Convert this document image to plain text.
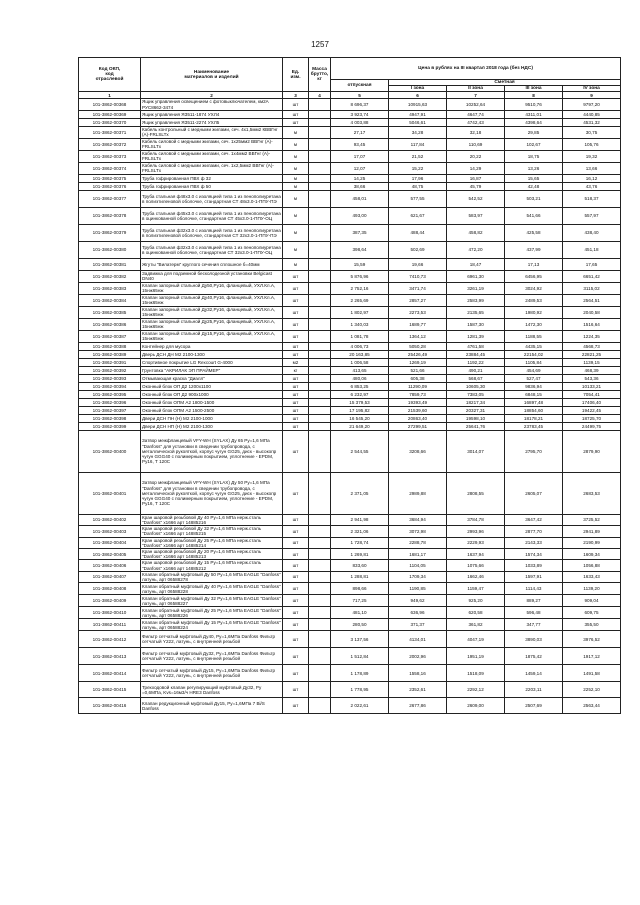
1257
Код ОКП,
код
отраслевой	Наименование
материалов и изделий	Ед.
изм.	Масса
брутто,
кг	Цена в рублях на III квартал 2018 года (без НДС)				
				отпускная	Сметная			
					I зона	II зона	III зона	IV зона
1	2	3	4	5	6	7	8	9
101-3862-00368	Ящик управления освещением с фотовыключателем, км2А РУС8662-3474	шт		8 696,37	10915,63	10252,64	9510,76	9797,20
101-3862-00369	Ящик управления ЯЗ511-1874 УХЛ4	шт		3 923,74	4947,91	4647,74	4311,01	4440,85
101-3862-00370	Ящик управления ЯЗ511-2274 УХЛ5	шт		4 003,88	5046,61	4742,43	4398,64	4531,32
101-3862-00371	Кабель контрольный с медными жилами, сеч. 4х1,5мм2 КВВГнг (А)-FRLSLTx	м		27,17	34,28	32,18	29,85	30,75
101-3862-00372	Кабель силовой с медными жилами, сеч. 1х25мм2 ВВГнг (А)-FRLSLTx	м		93,45	117,84	110,69	102,67	105,76
101-3862-00373	Кабель силовой с медными жилами, сеч. 1х4мм2 ВВГнг (А)-FRLSLTx	м		17,07	21,52	20,22	18,75	19,32
101-3862-00374	Кабель силовой с медными жилами, сеч. 1х2,5мм2 ВВГнг (А)-FRLSLTx	м		12,07	15,22	14,29	13,26	13,66
101-3862-00375	Труба гофрированная ПВХ ф 32	м		14,25	17,96	16,87	15,65	16,12
101-3862-00376	Труба гофрированная ПВХ ф 50	м		38,66	48,75	45,79	42,48	43,76
101-3862-00377	Труба стальная ф48х3.0 с изоляцией типа 1 из пенополиуретана в полиэтиленовой оболочке, стандартная СТ 48х3.0-1-ППУ-ПЭ	м		458,01	577,55	542,52	503,21	518,37
101-3862-00378	Труба стальная ф45х3.0 с изоляцией типа 1 из пенополиуретана в оцинкованной оболочке, стандартная СТ 45х3.0-1-ППУ-ОЦ	м		493,00	621,67	583,97	541,66	557,97
101-3862-00379	Труба стальная ф32х3.0 с изоляцией типа 1 из пенополиуретана в полиэтиленовой оболочке, стандартная СТ 32х3.0-1-ППУ-ПЭ	м		387,35	488,44	458,82	425,58	438,40
101-3862-00380	Труба стальная ф32х3.0 с изоляцией типа 1 из пенополиуретана в оцинкованной оболочке, стандартная СТ 32х3.0-1-ППУ-ОЦ	м		398,64	502,69	472,20	437,99	451,18
101-3862-00381	Жгуты "Вилатерм" круглого сечения сплошное б=40мм	м		15,59	19,66	18,47	17,13	17,65
101-3862-00382	Задвижка для подземной бесколодезной установки Belgicast DN40	шт		5 876,96	7410,73	6961,30	6456,95	6651,42
101-3862-00383	Клапан запорный стальной Ду50,Ру16, фланцевый, УХЛ.Кл.А, 15нж65нж	шт		2 752,16	3471,74	3261,19	3024,92	3115,02
101-3862-00384	Клапан запорный стальной Ду40,Ру16, фланцевый, УХЛ.Кл.А, 15нж65нж	шт		2 265,69	2857,27	2583,99	2489,53	2564,51
101-3862-00385	Клапан запорный стальной Ду32,Ру16, фланцевый, УХЛ.Кл.А, 15нж65нж	шт		1 802,97	2273,53	2135,65	1980,92	2040,58
101-3862-00386	Клапан запорный стальной Ду25,Ру16, фланцевый, УХЛ.Кл.А, 15нж65нж	шт		1 340,03	1689,77	1587,30	1472,30	1516,64
101-3862-00387	Клапан запорный стальной Ду15,Ру16, фланцевый, УХЛ.Кл.А, 15нж65нж	шт		1 081,78	1364,12	1281,39	1188,55	1224,35
101-3862-00388	Контейнер для мусора	шт		4 006,73	5050,28	4761,58	4435,15	4568,73
101-3862-00389	Дверь ДСН ДН М2 2100-1300	шт		20 163,85	25426,49	23884,45	22154,02	22821,25
101-3862-00391	Спортивное покрытие LG Rexcourt G-4000	м2		1 006,58	1269,19	1192,22	1105,84	1139,15
101-3862-00392	Грунтовка "АКРИЛАК ЭП ПРАЙМЕР"	кг		413,65	521,66	490,21	454,69	468,39
101-3862-00393	Отмывающая краска "Диалл"	шт		480,06	605,38	568,67	527,47	543,36
101-3862-00394	Оконный блок ОП Д2 1200х1100	шт		6 853,25	11290,09	10605,30	9836,94	10133,21
101-3862-00395	Оконный блок ОП Д2 900х1000	шт		6 232,97	7859,73	7383,05	6848,15	7054,41
101-3862-00396	Оконный блок ОПМ А2 1800-1500	шт		15 379,53	19393,49	18217,34	16897,48	17406,40
101-3862-00397	Оконный блок ОПМ А2 1500-2500	шт		17 195,82	21539,60	20327,31	18854,60	19422,45
101-3862-00398	Двери ДСН ПН (Н) М2 2100-1000	шт		16 545,20	20863,40	19598,10	18178,21	18725,70
101-3862-00399	Двери ДСН НП (Н) М2 2100-1300	шт		21 649,20	27299,51	25641,76	23783,45	24499,75
101-3862-00400	Затвор межфланцевый VFY-WH (SYLAX) Ду 65 Ру=1,6 МПа "Danfoss" для установки в сведении трубопровода, с металлической рукояткой, корпус чугун GG25, диск - высокопр чугун GGG40 с полимерным покрытием, уплотнение - EPDM, Ру16, Т 120С	шт		2 544,55	3208,66	3014,07	2795,70	2879,90
101-3862-00401	Затвор межфланцевый VFY-WH (SYLAX) Ду 50 Ру=1,6 МПа "Danfoss" для установки в сведении трубопровода, с металлической рукояткой, корпус чугун GG25, диск - высокопр чугун GGG40 с полимерным покрытием, уплотнение - EPDM, Ру16, Т 120С	шт		2 371,05	2989,88	2808,55	2605,07	2683,53
101-3862-00402	Кран шаровой резьбовой Ду 40 Ру=1,6 МПа нерж.сталь "Danfoss" х1666 арт 14885216	шт		2 941,98	3684,94	3784,78	3647,42	3725,52
101-3862-00403	Кран шаровой резьбовой Ду 32 Ру=1,6 МПа нерж.сталь "Danfoss" х1666 арт 14885215	шт		2 321,06	3072,98	2993,96	2877,70	2941,89
101-3862-00404	Кран шаровой резьбовой Ду 25 Ру=1,6 МПа нерж.сталь "Danfoss" х1666 арт 14885214	шт		1 728,74	2288,78	2229,93	2143,33	2190,99
101-3862-00405	Кран шаровой резьбовой Ду 20 Ру=1,6 МПа нерж.сталь "Danfoss" х1666 арт 14885213	шт		1 269,81	1681,17	1637,94	1574,34	1609,34
101-3862-00406	Кран шаровой резьбовой Ду 15 Ру=1,6 МПа нерж.сталь "Danfoss" х1666 арт 14885212	шт		833,60	1104,05	1075,66	1033,89	1056,88
101-3862-00407	Клапан обратный муфтовый Ду 50 Ру=1,6 МПа EAGLE "Danfoss" латунь, арт 06588278	шт		1 288,81	1709,34	1662,46	1597,91	1633,43
101-3862-00408	Клапан обратный муфтовый Ду 40 Ру=1,6 МПа EAGLE "Danfoss" латунь, арт 06588228	шт		898,66	1190,85	1159,47	1114,43	1139,20
101-3862-00409	Клапан обратный муфтовый Ду 32 Ру=1,6 МПа EAGLE "Danfoss" латунь, арт 06588227	шт		717,25	949,62	925,20	889,27	909,04
101-3862-00410	Клапан обратный муфтовый Ду 25 Ру=1,6 МПа EAGLE "Danfoss" латунь, арт 06588226	шт		481,10	636,96	620,58	596,48	609,75
101-3862-00411	Клапан обратный муфтовый Ду 15 Ру=1,6 МПа EAGLE "Danfoss" латунь, арт 06588224	шт		280,50	371,37	361,82	347,77	355,50
101-3862-00412	Фильтр сетчатый муфтовый Ду40, Ру=1,6МПа Danfoss Фильтр сетчатый Y222, латунь, с внутренней резьбой	шт		3 137,56	4134,01	4047,19	3890,03	3976,52
101-3862-00413	Фильтр сетчатый муфтовый Ду32, Ру=1,6МПа Danfoss Фильтр сетчатый Y222, латунь, с внутренней резьбой	шт		1 512,84	2002,96	1951,19	1875,42	1917,12
101-3862-00414	Фильтр сетчатый муфтовый Ду15, Ру=1,6МПа Danfoss Фильтр сетчатый Y222, латунь, с внутренней резьбой	шт		1 178,89	1558,16	1518,09	1459,14	1491,58
101-3862-00415	Трехходовой клапан регулирующий муфтовый Ду32, Ру =0,6МПа, Kvs=16м3/ч HRE3 Danfoss	шт		1 778,95	2352,61	2292,12	2203,11	2252,10
101-3862-00416	Клапан редукционный муфтовый Ду15, Ру=1,6МПа 7 Bi/S Danfoss	шт		2 022,61	2677,86	2609,00	2507,69	2563,44
